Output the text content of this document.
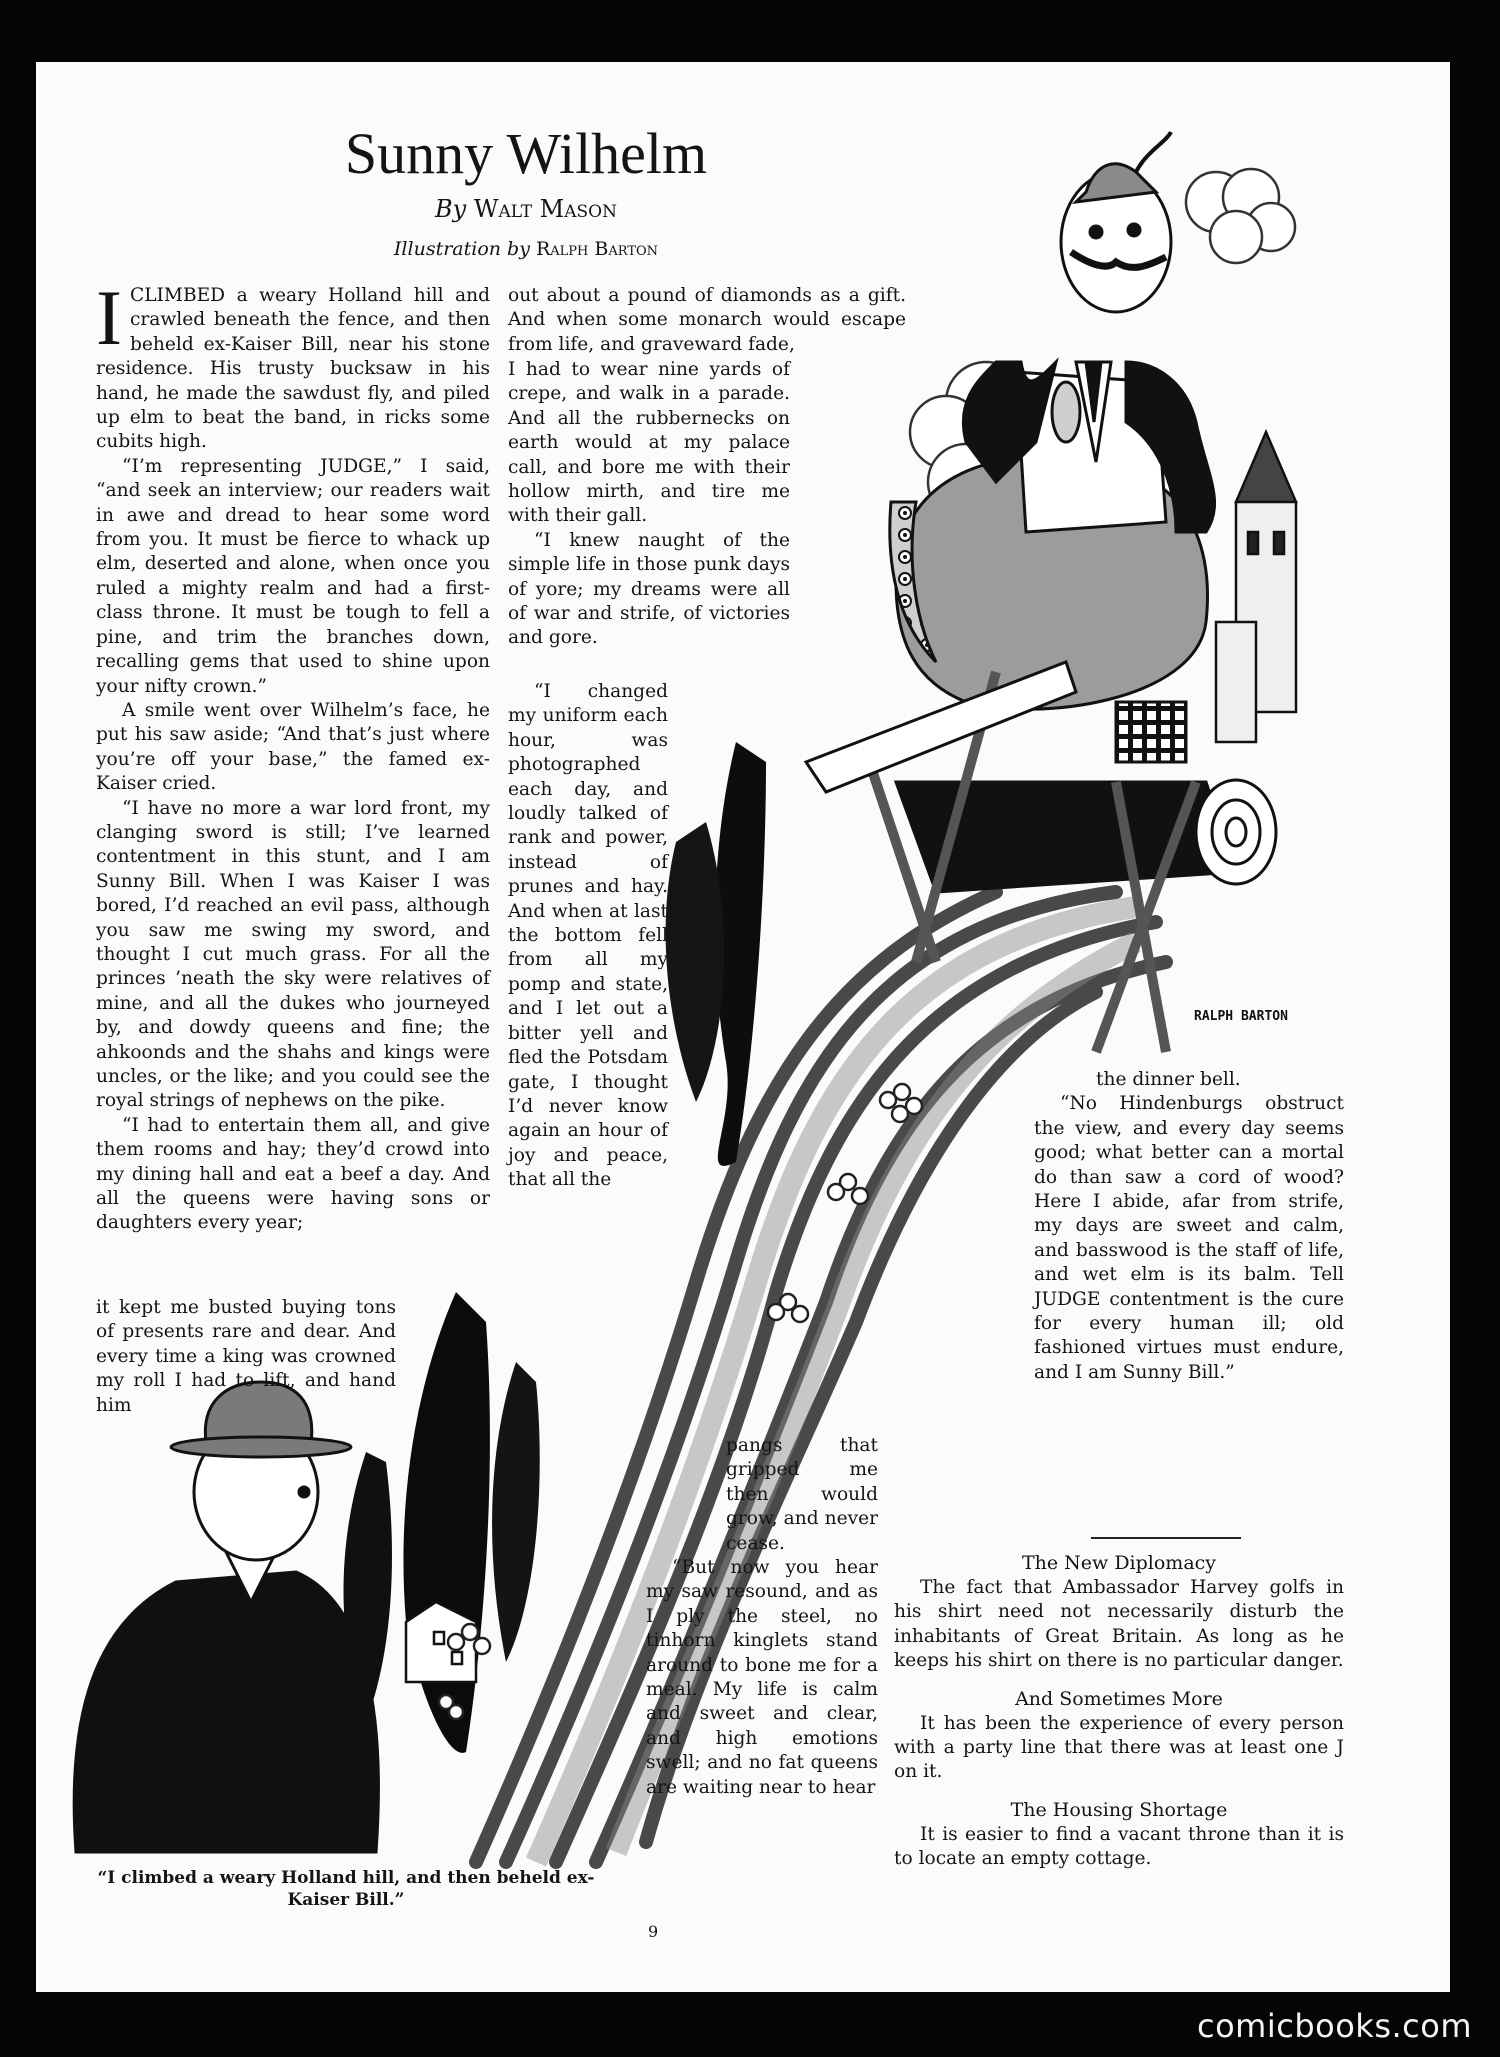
RALPH BARTON
Sunny Wilhelm
By Walt Mason
Illustration by Ralph Barton

ICLIMBED a weary Holland hill and crawled beneath the fence, and then beheld ex-Kaiser Bill, near his stone residence. His trusty bucksaw in his hand, he made the sawdust fly, and piled up elm to beat the band, in ricks some cubits high.

“I’m representing JUDGE,” I said, “and seek an interview; our readers wait in awe and dread to hear some word from you. It must be fierce to whack up elm, deserted and alone, when once you ruled a mighty realm and had a first-class throne. It must be tough to fell a pine, and trim the branches down, recalling gems that used to shine upon your nifty crown.”

A smile went over Wilhelm’s face, he put his saw aside; “And that’s just where you’re off your base,” the famed ex-Kaiser cried.

“I have no more a war lord front, my clanging sword is still; I’ve learned contentment in this stunt, and I am Sunny Bill. When I was Kaiser I was bored, I’d reached an evil pass, although you saw me swing my sword, and thought I cut much grass. For all the princes ’neath the sky were relatives of mine, and all the dukes who journeyed by, and dowdy queens and fine; the ahkoonds and the shahs and kings were uncles, or the like; and you could see the royal strings of nephews on the pike.

“I had to entertain them all, and give them rooms and hay; they’d crowd into my dining hall and eat a beef a day. And all the queens were having sons or daughters every year;

it kept me busted buying tons of presents rare and dear. And every time a king was crowned my roll I had to lift, and hand him

out about a pound of diamonds as a gift. And when some monarch would escape from life, and graveward fade,

I had to wear nine yards of crepe, and walk in a parade. And all the rubbernecks on earth would at my palace call, and bore me with their hollow mirth, and tire me with their gall.

“I knew naught of the simple life in those punk days of yore; my dreams were all of war and strife, of victories and gore.

“I changed my uniform each hour, was photographed each day, and loudly talked of rank and power, instead of prunes and hay. And when at last the bottom fell from all my pomp and state, and I let out a bitter yell and fled the Potsdam gate, I thought I’d never know again an hour of joy and peace, that all the

pangs that gripped me then would grow, and never cease.

“But now you hear my saw resound, and as I ply the steel, no tinhorn kinglets stand around to bone me for a meal. My life is calm and sweet and clear, and high emotions swell; and no fat queens are waiting near to hear

the dinner bell.

“No Hindenburgs obstruct the view, and every day seems good; what better can a mortal do than saw a cord of wood? Here I abide, afar from strife, my days are sweet and calm, and basswood is the staff of life, and wet elm is its balm. Tell JUDGE contentment is the cure for every human ill; old fashioned virtues must endure, and I am Sunny Bill.”

The New Diplomacy

The fact that Ambassador Harvey golfs in his shirt need not necessarily disturb the inhabitants of Great Britain. As long as he keeps his shirt on there is no particular danger.

And Sometimes More

It has been the experience of every person with a party line that there was at least one J on it.

The Housing Shortage

It is easier to find a vacant throne than it is to locate an empty cottage.

“I climbed a weary Holland hill, and then beheld ex-Kaiser Bill.”
9
comicbooks.com
